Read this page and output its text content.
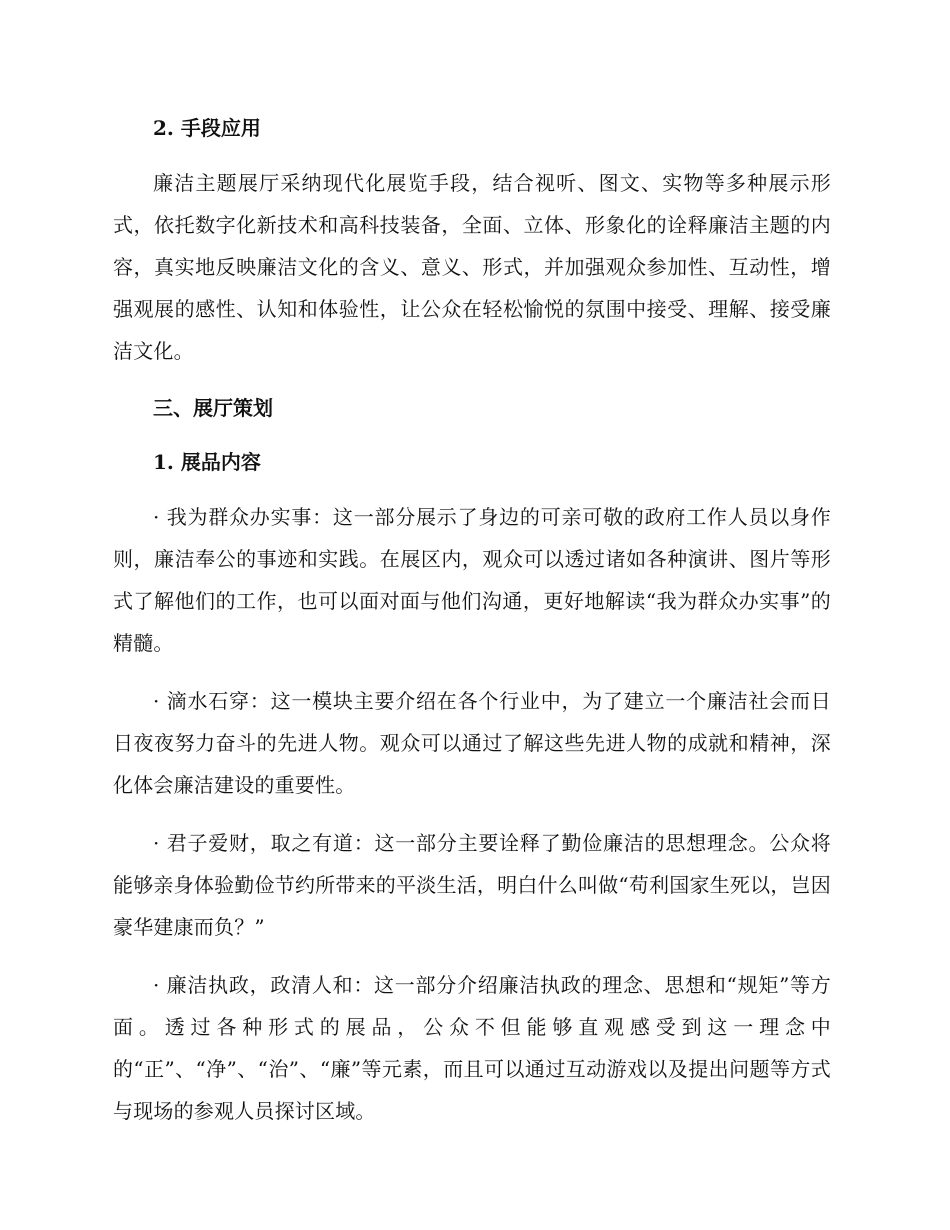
2. 手段应用

廉洁主题展厅采纳现代化展览手段，结合视听、图文、实物等多种展示形式，依托数字化新技术和高科技装备，全面、立体、形象化的诠释廉洁主题的内容，真实地反映廉洁文化的含义、意义、形式，并加强观众参加性、互动性，增强观展的感性、认知和体验性，让公众在轻松愉悦的氛围中接受、理解、接受廉洁文化。

三、展厅策划

1. 展品内容

· 我为群众办实事：这一部分展示了身边的可亲可敬的政府工作人员以身作则，廉洁奉公的事迹和实践。在展区内，观众可以透过诸如各种演讲、图片等形式了解他们的工作，也可以面对面与他们沟通，更好地解读“我为群众办实事”的精髓。

· 滴水石穿：这一模块主要介绍在各个行业中，为了建立一个廉洁社会而日日夜夜努力奋斗的先进人物。观众可以通过了解这些先进人物的成就和精神，深化体会廉洁建设的重要性。

· 君子爱财，取之有道：这一部分主要诠释了勤俭廉洁的思想理念。公众将能够亲身体验勤俭节约所带来的平淡生活，明白什么叫做“苟利国家生死以，岂因豪华建康而负？”

· 廉洁执政，政清人和：这一部分介绍廉洁执政的理念、思想和“规矩”等方面。透过各种形式的展品，公众不但能够直观感受到这一理念中的“正”、“净”、“治”、“廉”等元素，而且可以通过互动游戏以及提出问题等方式与现场的参观人员探讨区域。
